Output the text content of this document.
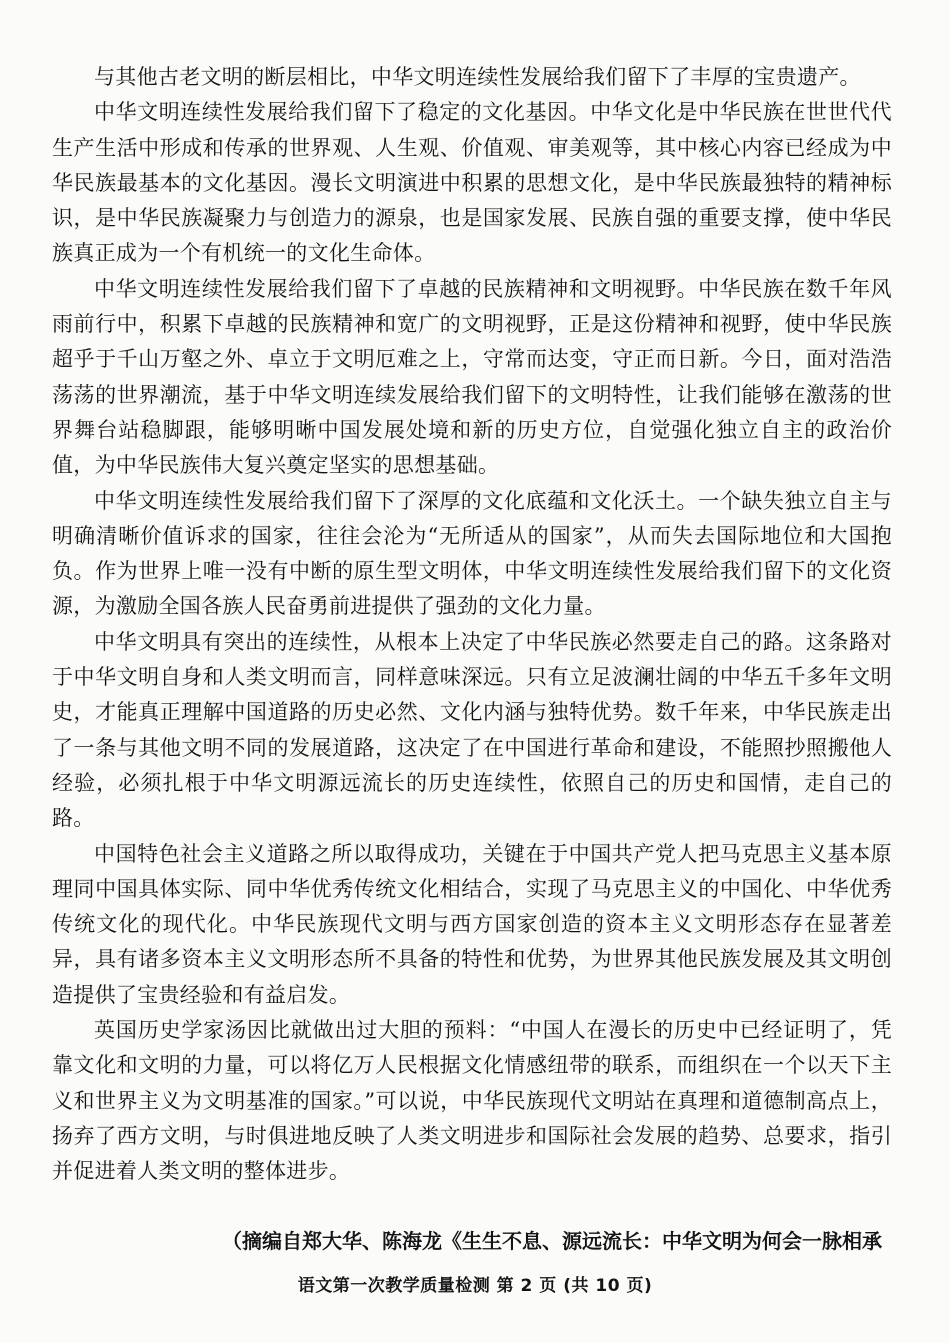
与其他古老文明的断层相比，中华文明连续性发展给我们留下了丰厚的宝贵遗产。

中华文明连续性发展给我们留下了稳定的文化基因。中华文化是中华民族在世世代代生产生活中形成和传承的世界观、人生观、价值观、审美观等，其中核心内容已经成为中华民族最基本的文化基因。漫长文明演进中积累的思想文化，是中华民族最独特的精神标识，是中华民族凝聚力与创造力的源泉，也是国家发展、民族自强的重要支撑，使中华民族真正成为一个有机统一的文化生命体。

中华文明连续性发展给我们留下了卓越的民族精神和文明视野。中华民族在数千年风雨前行中，积累下卓越的民族精神和宽广的文明视野，正是这份精神和视野，使中华民族超乎于千山万壑之外、卓立于文明厄难之上，守常而达变，守正而日新。今日，面对浩浩荡荡的世界潮流，基于中华文明连续发展给我们留下的文明特性，让我们能够在激荡的世界舞台站稳脚跟，能够明晰中国发展处境和新的历史方位，自觉强化独立自主的政治价值，为中华民族伟大复兴奠定坚实的思想基础。

中华文明连续性发展给我们留下了深厚的文化底蕴和文化沃土。一个缺失独立自主与明确清晰价值诉求的国家，往往会沦为“无所适从的国家”，从而失去国际地位和大国抱负。作为世界上唯一没有中断的原生型文明体，中华文明连续性发展给我们留下的文化资源，为激励全国各族人民奋勇前进提供了强劲的文化力量。

中华文明具有突出的连续性，从根本上决定了中华民族必然要走自己的路。这条路对于中华文明自身和人类文明而言，同样意味深远。只有立足波澜壮阔的中华五千多年文明史，才能真正理解中国道路的历史必然、文化内涵与独特优势。数千年来，中华民族走出了一条与其他文明不同的发展道路，这决定了在中国进行革命和建设，不能照抄照搬他人经验，必须扎根于中华文明源远流长的历史连续性，依照自己的历史和国情，走自己的路。

中国特色社会主义道路之所以取得成功，关键在于中国共产党人把马克思主义基本原理同中国具体实际、同中华优秀传统文化相结合，实现了马克思主义的中国化、中华优秀传统文化的现代化。中华民族现代文明与西方国家创造的资本主义文明形态存在显著差异，具有诸多资本主义文明形态所不具备的特性和优势，为世界其他民族发展及其文明创造提供了宝贵经验和有益启发。

英国历史学家汤因比就做出过大胆的预料：“中国人在漫长的历史中已经证明了，凭靠文化和文明的力量，可以将亿万人民根据文化情感纽带的联系，而组织在一个以天下主义和世界主义为文明基准的国家。”可以说，中华民族现代文明站在真理和道德制高点上，扬弃了西方文明，与时俱进地反映了人类文明进步和国际社会发展的趋势、总要求，指引并促进着人类文明的整体进步。

（摘编自郑大华、陈海龙《生生不息、源远流长：中华文明为何会一脉相承
语文第一次教学质量检测 第 2 页 (共 10 页)
